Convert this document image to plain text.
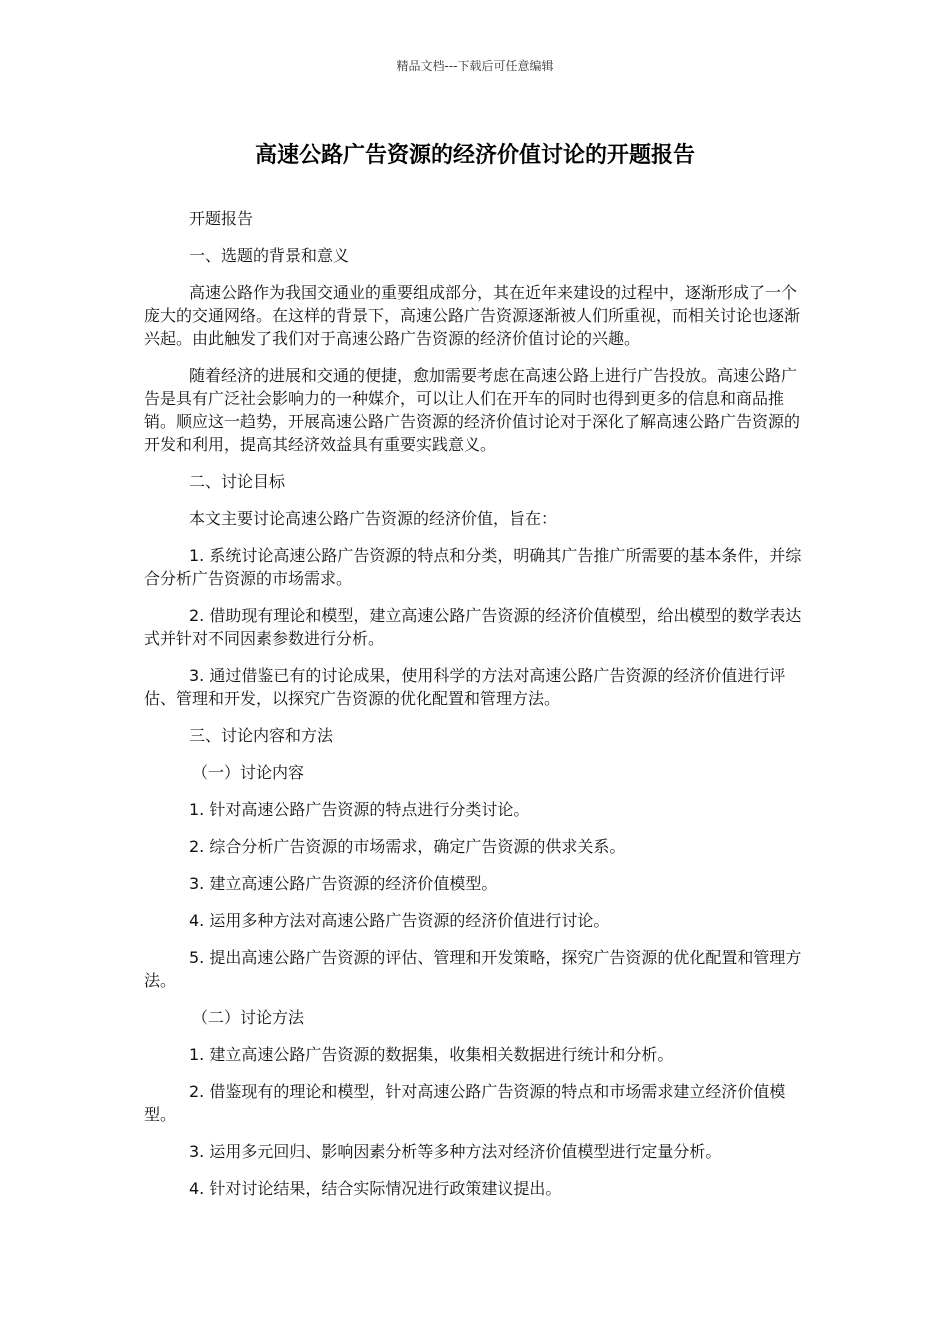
精品文档---下载后可任意编辑
高速公路广告资源的经济价值讨论的开题报告

开题报告

一、选题的背景和意义

高速公路作为我国交通业的重要组成部分，其在近年来建设的过程中，逐渐形成了一个庞大的交通网络。在这样的背景下，高速公路广告资源逐渐被人们所重视，而相关讨论也逐渐兴起。由此触发了我们对于高速公路广告资源的经济价值讨论的兴趣。

随着经济的进展和交通的便捷，愈加需要考虑在高速公路上进行广告投放。高速公路广告是具有广泛社会影响力的一种媒介，可以让人们在开车的同时也得到更多的信息和商品推销。顺应这一趋势，开展高速公路广告资源的经济价值讨论对于深化了解高速公路广告资源的开发和利用，提高其经济效益具有重要实践意义。

二、讨论目标

本文主要讨论高速公路广告资源的经济价值，旨在：

1. 系统讨论高速公路广告资源的特点和分类，明确其广告推广所需要的基本条件，并综合分析广告资源的市场需求。

2. 借助现有理论和模型，建立高速公路广告资源的经济价值模型，给出模型的数学表达式并针对不同因素参数进行分析。

3. 通过借鉴已有的讨论成果，使用科学的方法对高速公路广告资源的经济价值进行评估、管理和开发，以探究广告资源的优化配置和管理方法。

三、讨论内容和方法

（一）讨论内容

1. 针对高速公路广告资源的特点进行分类讨论。

2. 综合分析广告资源的市场需求，确定广告资源的供求关系。

3. 建立高速公路广告资源的经济价值模型。

4. 运用多种方法对高速公路广告资源的经济价值进行讨论。

5. 提出高速公路广告资源的评估、管理和开发策略，探究广告资源的优化配置和管理方法。

（二）讨论方法

1. 建立高速公路广告资源的数据集，收集相关数据进行统计和分析。

2. 借鉴现有的理论和模型，针对高速公路广告资源的特点和市场需求建立经济价值模型。

3. 运用多元回归、影响因素分析等多种方法对经济价值模型进行定量分析。

4. 针对讨论结果，结合实际情况进行政策建议提出。
